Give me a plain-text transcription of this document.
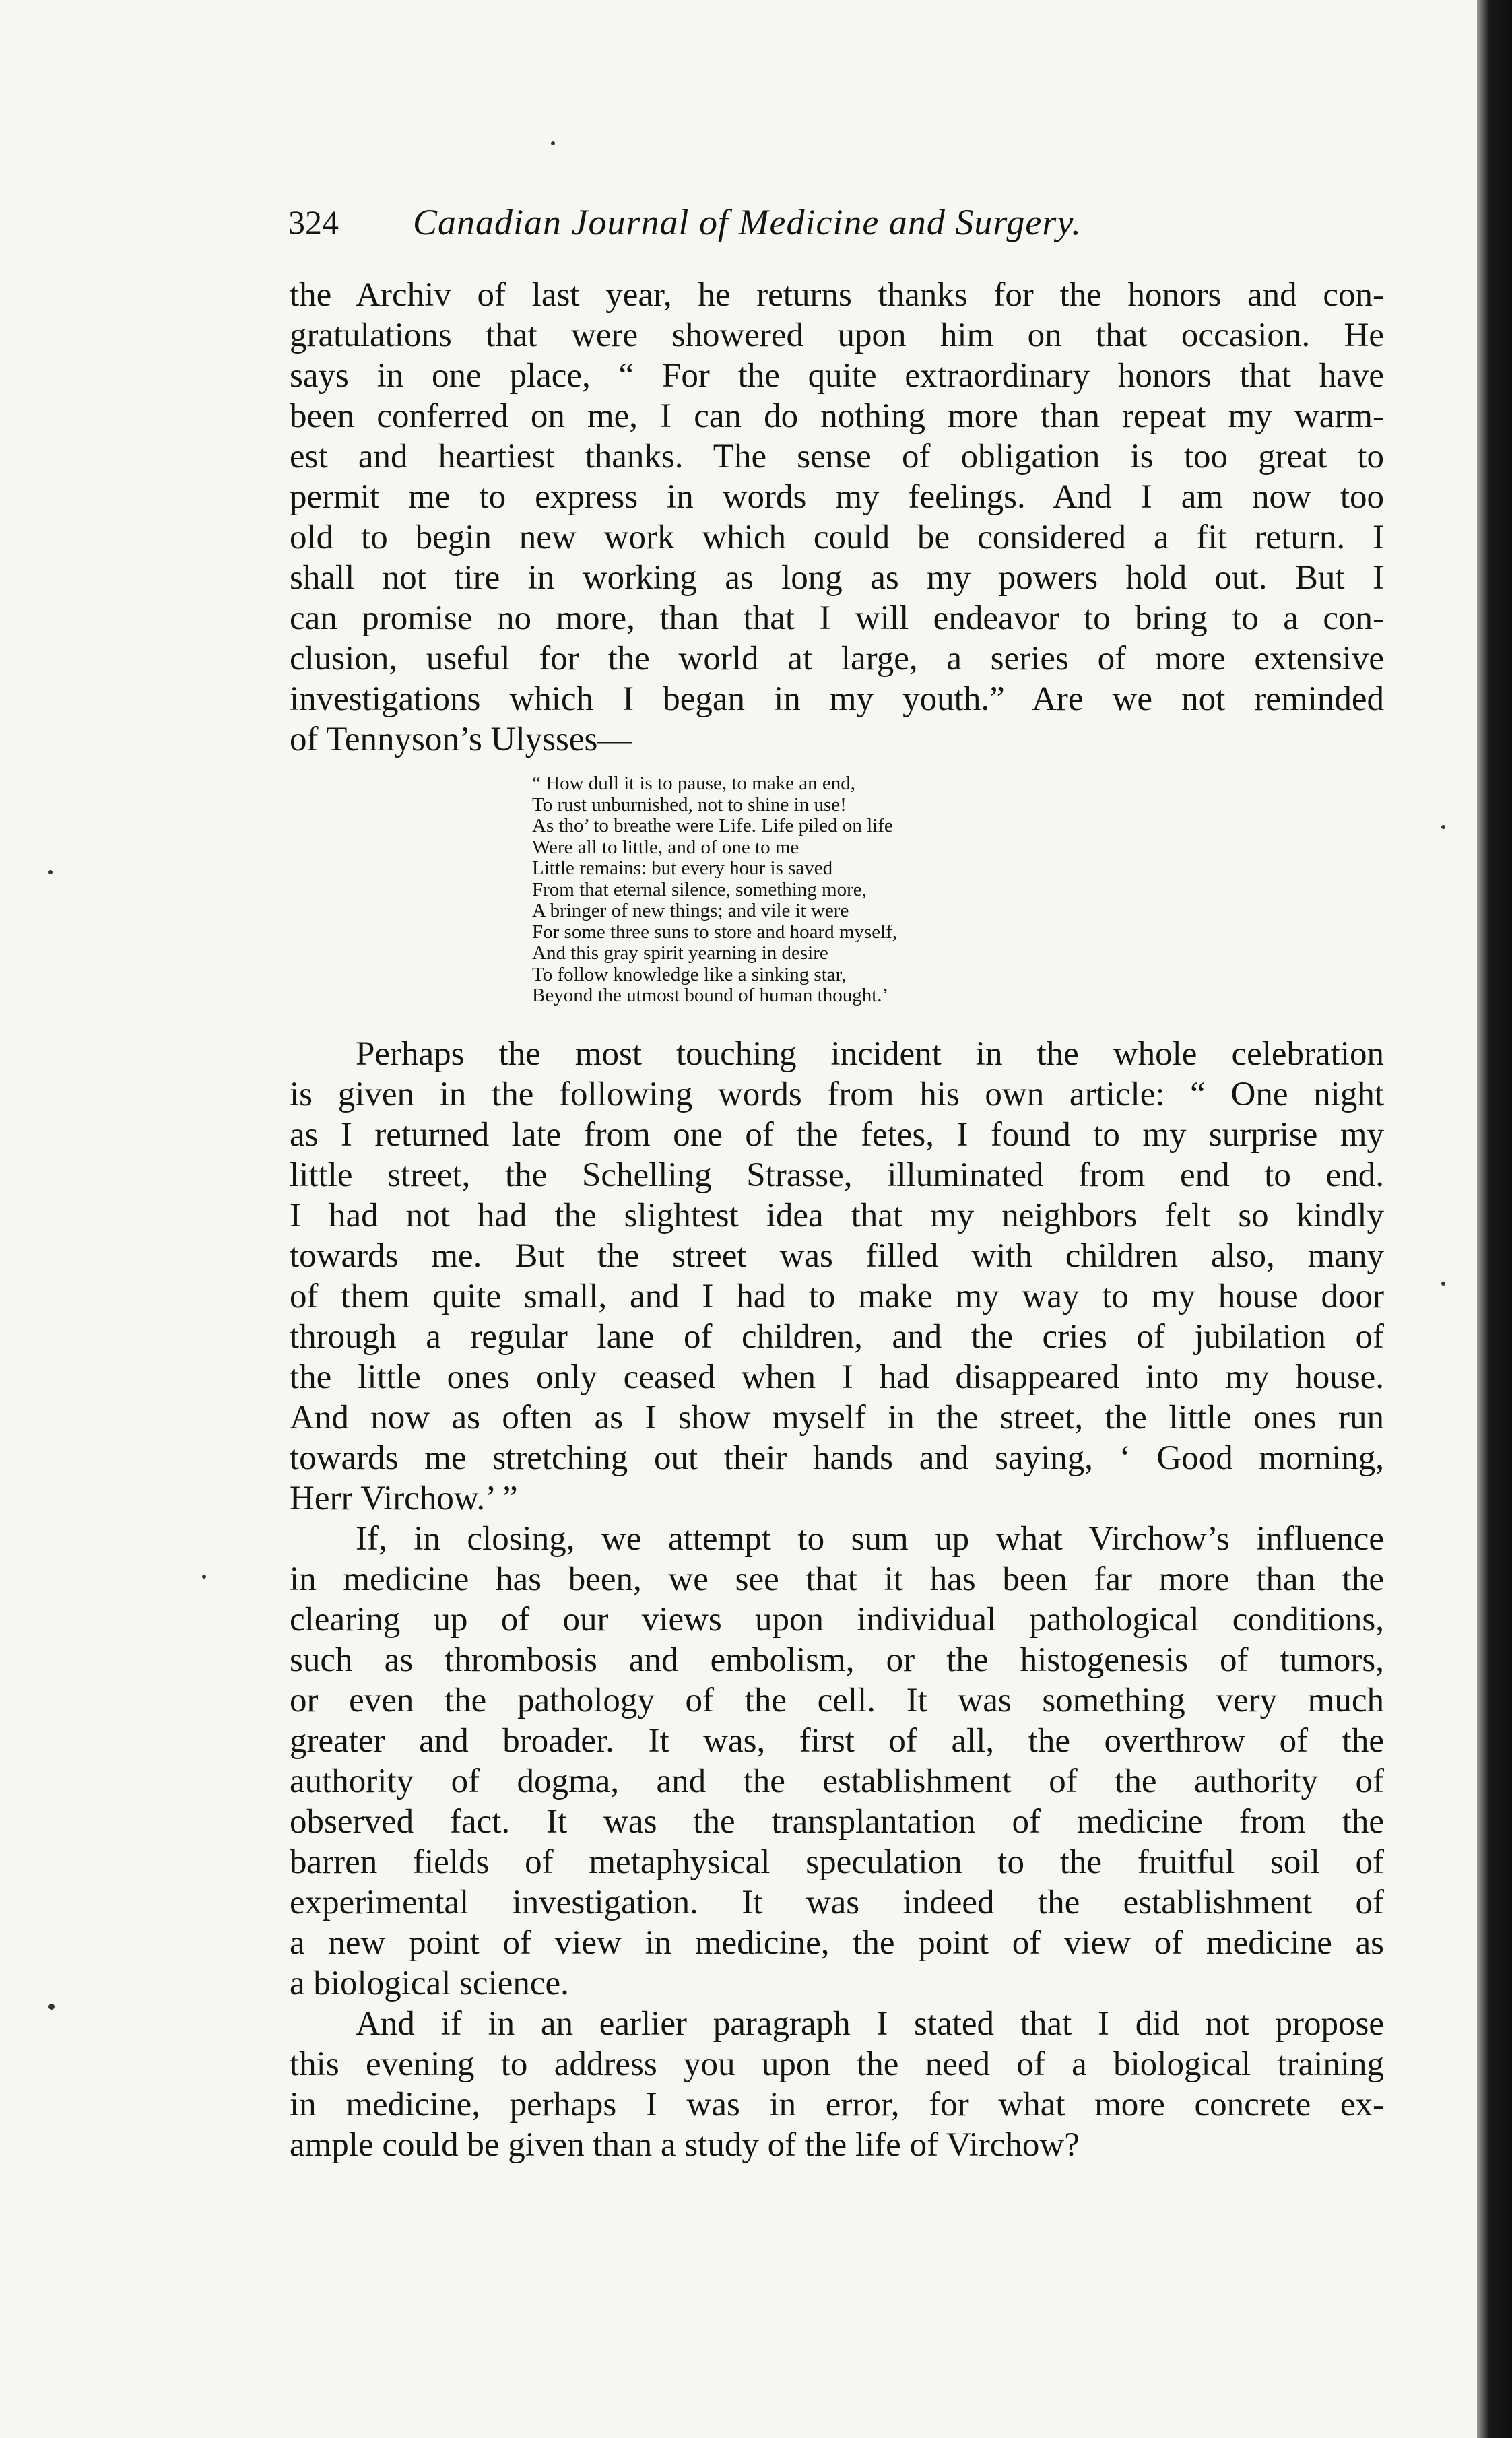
324 Canadian Journal of Medicine and Surgery.
the Archiv of last year, he returns thanks for the honors and con-
gratulations that were showered upon him on that occasion. He
says in one place, “ For the quite extraordinary honors that have
been conferred on me, I can do nothing more than repeat my warm-
est and heartiest thanks. The sense of obligation is too great to
permit me to express in words my feelings. And I am now too
old to begin new work which could be considered a fit return. I
shall not tire in working as long as my powers hold out. But I
can promise no more, than that I will endeavor to bring to a con-
clusion, useful for the world at large, a series of more extensive
investigations which I began in my youth.” Are we not reminded
of Tennyson’s Ulysses—
“ How dull it is to pause, to make an end,
To rust unburnished, not to shine in use!
As tho’ to breathe were Life. Life piled on life
Were all to little, and of one to me
Little remains: but every hour is saved
From that eternal silence, something more,
A bringer of new things; and vile it were
For some three suns to store and hoard myself,
And this gray spirit yearning in desire
To follow knowledge like a sinking star,
Beyond the utmost bound of human thought.’
Perhaps the most touching incident in the whole celebration
is given in the following words from his own article: “ One night
as I returned late from one of the fetes, I found to my surprise my
little street, the Schelling Strasse, illuminated from end to end.
I had not had the slightest idea that my neighbors felt so kindly
towards me. But the street was filled with children also, many
of them quite small, and I had to make my way to my house door
through a regular lane of children, and the cries of jubilation of
the little ones only ceased when I had disappeared into my house.
And now as often as I show myself in the street, the little ones run
towards me stretching out their hands and saying, ‘ Good morning,
Herr Virchow.’ ”
If, in closing, we attempt to sum up what Virchow’s influence
in medicine has been, we see that it has been far more than the
clearing up of our views upon individual pathological conditions,
such as thrombosis and embolism, or the histogenesis of tumors,
or even the pathology of the cell. It was something very much
greater and broader. It was, first of all, the overthrow of the
authority of dogma, and the establishment of the authority of
observed fact. It was the transplantation of medicine from the
barren fields of metaphysical speculation to the fruitful soil of
experimental investigation. It was indeed the establishment of
a new point of view in medicine, the point of view of medicine as
a biological science.
And if in an earlier paragraph I stated that I did not propose
this evening to address you upon the need of a biological training
in medicine, perhaps I was in error, for what more concrete ex-
ample could be given than a study of the life of Virchow?
